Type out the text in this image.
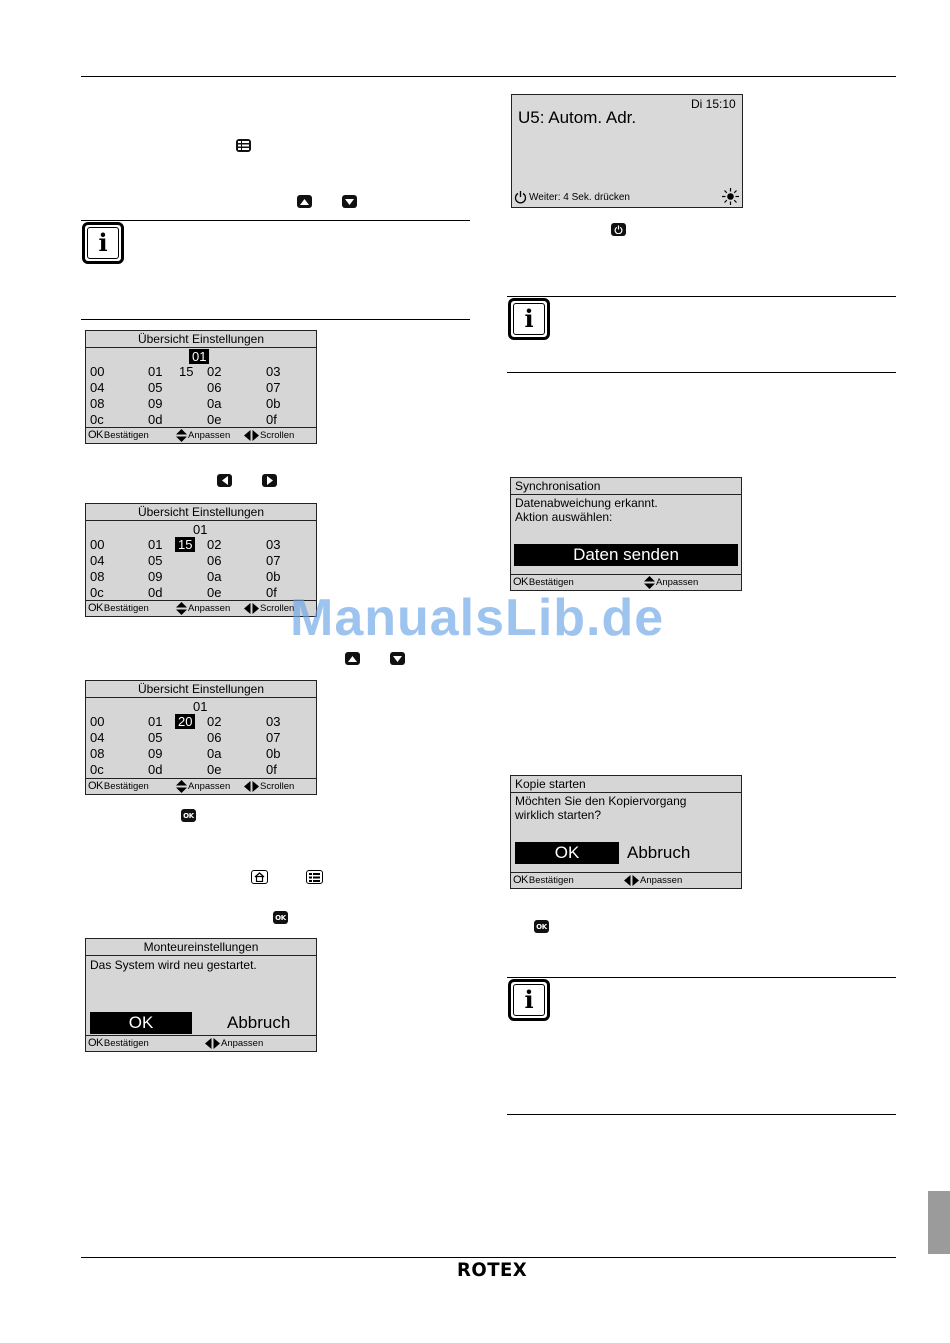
i
Übersicht Einstellungen
01
00	01 15 02	03
04	05	06	07
08	09	0a	0b
0c	0d	0e	0f
OK Bestätigen	Anpassen	Scrollen
Übersicht Einstellungen
01
00	01 15 02	03
04	05	06	07
08	09	0a	0b
0c	0d	0e	0f
OK Bestätigen	Anpassen	Scrollen
Übersicht Einstellungen
01
00	01 20 02	03
04	05	06	07
08	09	0a	0b
0c	0d	0e	0f
OK Bestätigen	Anpassen	Scrollen
OK
OK
Monteureinstellungen
Das System wird neu gestartet.
OK	Abbruch
OK Bestätigen	Anpassen
Di 15:10
U5: Autom. Adr.
Weiter: 4 Sek. drücken
i
Synchronisation
Datenabweichung erkannt.
Aktion auswählen:
Daten senden
OK Bestätigen	Anpassen
Kopie starten
Möchten Sie den Kopiervorgang
wirklich starten?
OK	Abbruch
OK Bestätigen	Anpassen
OK
i
ManualsLib.de
ROTEX
